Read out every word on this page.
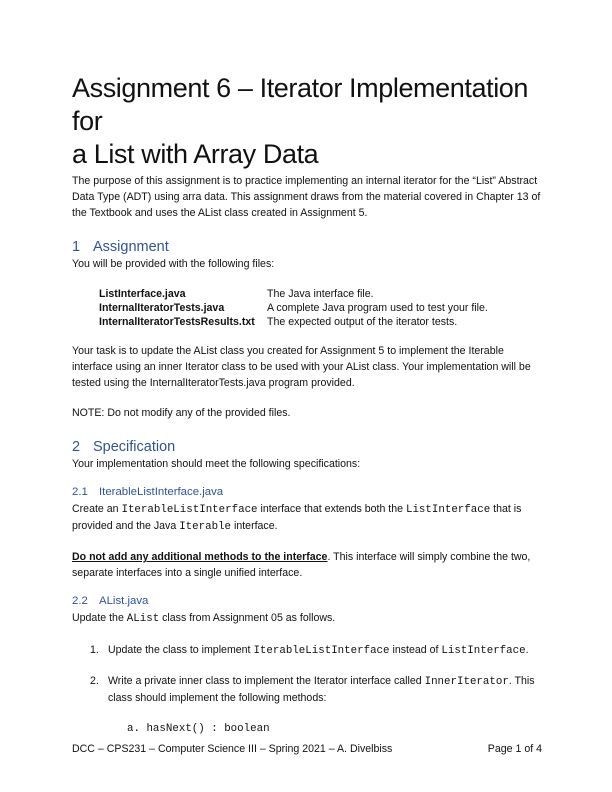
Assignment 6 – Iterator Implementation for
a List with Array Data

The purpose of this assignment is to practice implementing an internal iterator for the “List” Abstract Data Type (ADT) using arra data. This assignment draws from the material covered in Chapter 13 of the Textbook and uses the AList class created in Assignment 5.

1 Assignment

You will be provided with the following files:

ListInterface.java	The Java interface file.
InternalIteratorTests.java	A complete Java program used to test your file.
InternalIteratorTestsResults.txt	The expected output of the iterator tests.

Your task is to update the AList class you created for Assignment 5 to implement the Iterable interface using an inner Iterator class to be used with your AList class. Your implementation will be tested using the InternalIteratorTests.java program provided.

NOTE: Do not modify any of the provided files.

2 Specification

Your implementation should meet the following specifications:

2.1 IterableListInterface.java

Create an IterableListInterface interface that extends both the ListInterface that is provided and the Java Iterable interface.

Do not add any additional methods to the interface. This interface will simply combine the two, separate interfaces into a single unified interface.

2.2 AList.java

Update the AList class from Assignment 05 as follows.

1. Update the class to implement IterableListInterface instead of ListInterface.
2. Write a private inner class to implement the Iterator interface called InnerIterator. This class should implement the following methods:
a. hasNext() : boolean
DCC – CPS231 – Computer Science III – Spring 2021 – A. Divelbiss	Page 1 of 4
